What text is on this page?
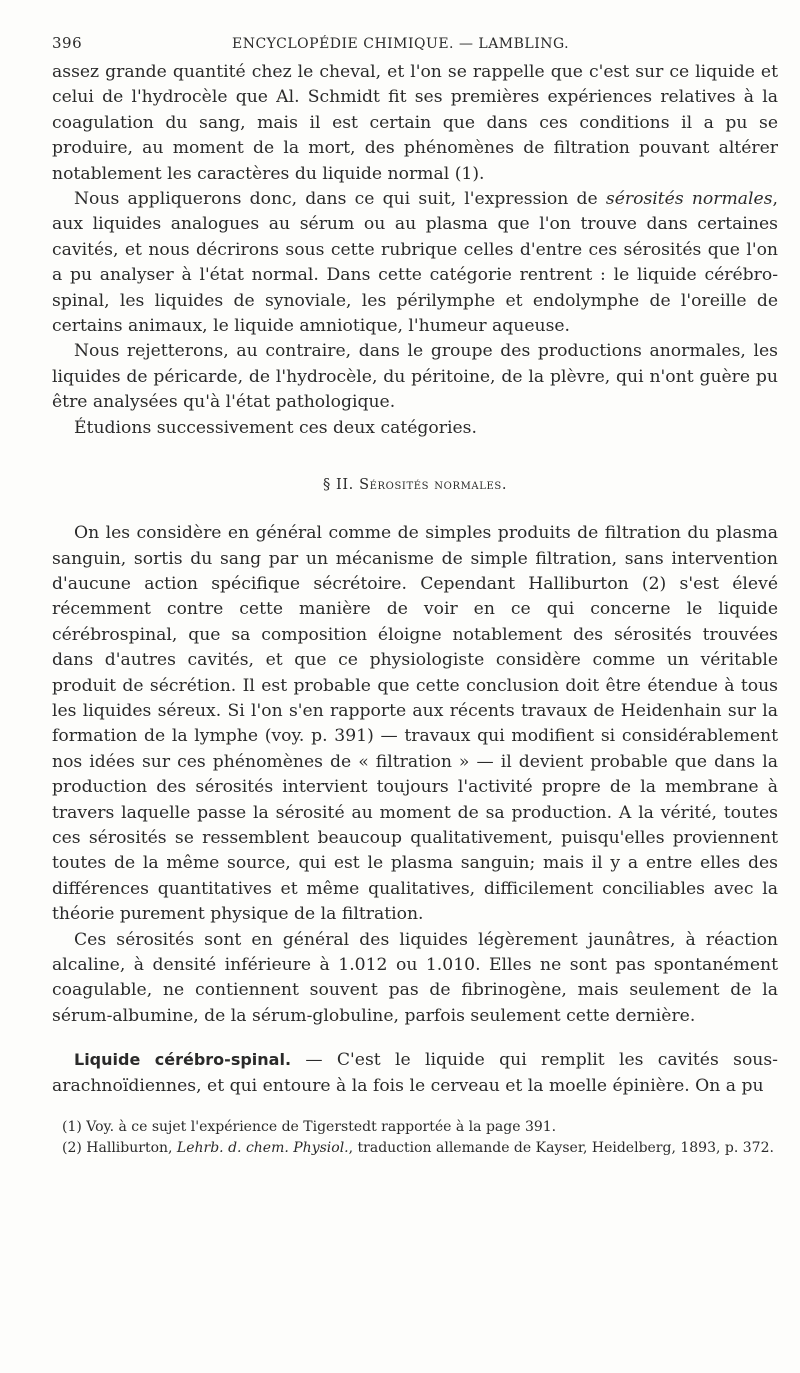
396	ENCYCLOPÉDIE CHIMIQUE. — LAMBLING.

assez grande quantité chez le cheval, et l'on se rappelle que c'est sur ce liquide et celui de l'hydrocèle que Al. Schmidt fit ses premières expériences relatives à la coagulation du sang, mais il est certain que dans ces conditions il a pu se produire, au moment de la mort, des phénomènes de filtration pouvant altérer notablement les caractères du liquide normal (1).

Nous appliquerons donc, dans ce qui suit, l'expression de sérosités normales, aux liquides analogues au sérum ou au plasma que l'on trouve dans certaines cavités, et nous décrirons sous cette rubrique celles d'entre ces sérosités que l'on a pu analyser à l'état normal. Dans cette catégorie rentrent : le liquide cérébro-spinal, les liquides de synoviale, les périlymphe et endolymphe de l'oreille de certains animaux, le liquide amniotique, l'humeur aqueuse.

Nous rejetterons, au contraire, dans le groupe des productions anormales, les liquides de péricarde, de l'hydrocèle, du péritoine, de la plèvre, qui n'ont guère pu être analysées qu'à l'état pathologique.

Étudions successivement ces deux catégories.

§ II. Sérosités normales.

On les considère en général comme de simples produits de filtration du plasma sanguin, sortis du sang par un mécanisme de simple filtration, sans intervention d'aucune action spécifique sécrétoire. Cependant Halliburton (2) s'est élevé récemment contre cette manière de voir en ce qui concerne le liquide cérébrospinal, que sa composition éloigne notablement des sérosités trouvées dans d'autres cavités, et que ce physiologiste considère comme un véritable produit de sécrétion. Il est probable que cette conclusion doit être étendue à tous les liquides séreux. Si l'on s'en rapporte aux récents travaux de Heidenhain sur la formation de la lymphe (voy. p. 391) — travaux qui modifient si considérablement nos idées sur ces phénomènes de « filtration » — il devient probable que dans la production des sérosités intervient toujours l'activité propre de la membrane à travers laquelle passe la sérosité au moment de sa production. A la vérité, toutes ces sérosités se ressemblent beaucoup qualitativement, puisqu'elles proviennent toutes de la même source, qui est le plasma sanguin; mais il y a entre elles des différences quantitatives et même qualitatives, difficilement conciliables avec la théorie purement physique de la filtration.

Ces sérosités sont en général des liquides légèrement jaunâtres, à réaction alcaline, à densité inférieure à 1.012 ou 1.010. Elles ne sont pas spontanément coagulable, ne contiennent souvent pas de fibrinogène, mais seulement de la sérum-albumine, de la sérum-globuline, parfois seulement cette dernière.

Liquide cérébro-spinal. — C'est le liquide qui remplit les cavités sous-arachnoïdiennes, et qui entoure à la fois le cerveau et la moelle épinière. On a pu

(1) Voy. à ce sujet l'expérience de Tigerstedt rapportée à la page 391.
(2) Halliburton, Lehrb. d. chem. Physiol., traduction allemande de Kayser, Heidelberg, 1893, p. 372.
